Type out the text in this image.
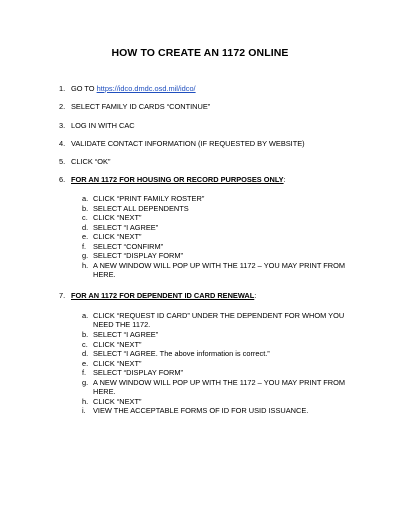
HOW TO CREATE AN 1172 ONLINE
1. GO TO https://idco.dmdc.osd.mil/idco/
2. SELECT FAMILY ID CARDS “CONTINUE”
3. LOG IN WITH CAC
4. VALIDATE CONTACT INFORMATION (IF REQUESTED BY WEBSITE)
5. CLICK “OK”
6. FOR AN 1172 FOR HOUSING OR RECORD PURPOSES ONLY:
a. CLICK “PRINT FAMILY ROSTER”
b. SELECT ALL DEPENDENTS
c. CLICK “NEXT”
d. SELECT “I AGREE”
e. CLICK “NEXT”
f. SELECT “CONFIRM”
g. SELECT “DISPLAY FORM”
h. A NEW WINDOW WILL POP UP WITH THE 1172 – YOU MAY PRINT FROM HERE.
7. FOR AN 1172 FOR DEPENDENT ID CARD RENEWAL:
a. CLICK “REQUEST ID CARD” UNDER THE DEPENDENT FOR WHOM YOU NEED THE 1172.
b. SELECT “I AGREE”
c. CLICK “NEXT”
d. SELECT “I AGREE. The above information is correct.”
e. CLICK “NEXT”
f. SELECT “DISPLAY FORM”
g. A NEW WINDOW WILL POP UP WITH THE 1172 – YOU MAY PRINT FROM HERE.
h. CLICK “NEXT”
i. VIEW THE ACCEPTABLE FORMS OF ID FOR USID ISSUANCE.
